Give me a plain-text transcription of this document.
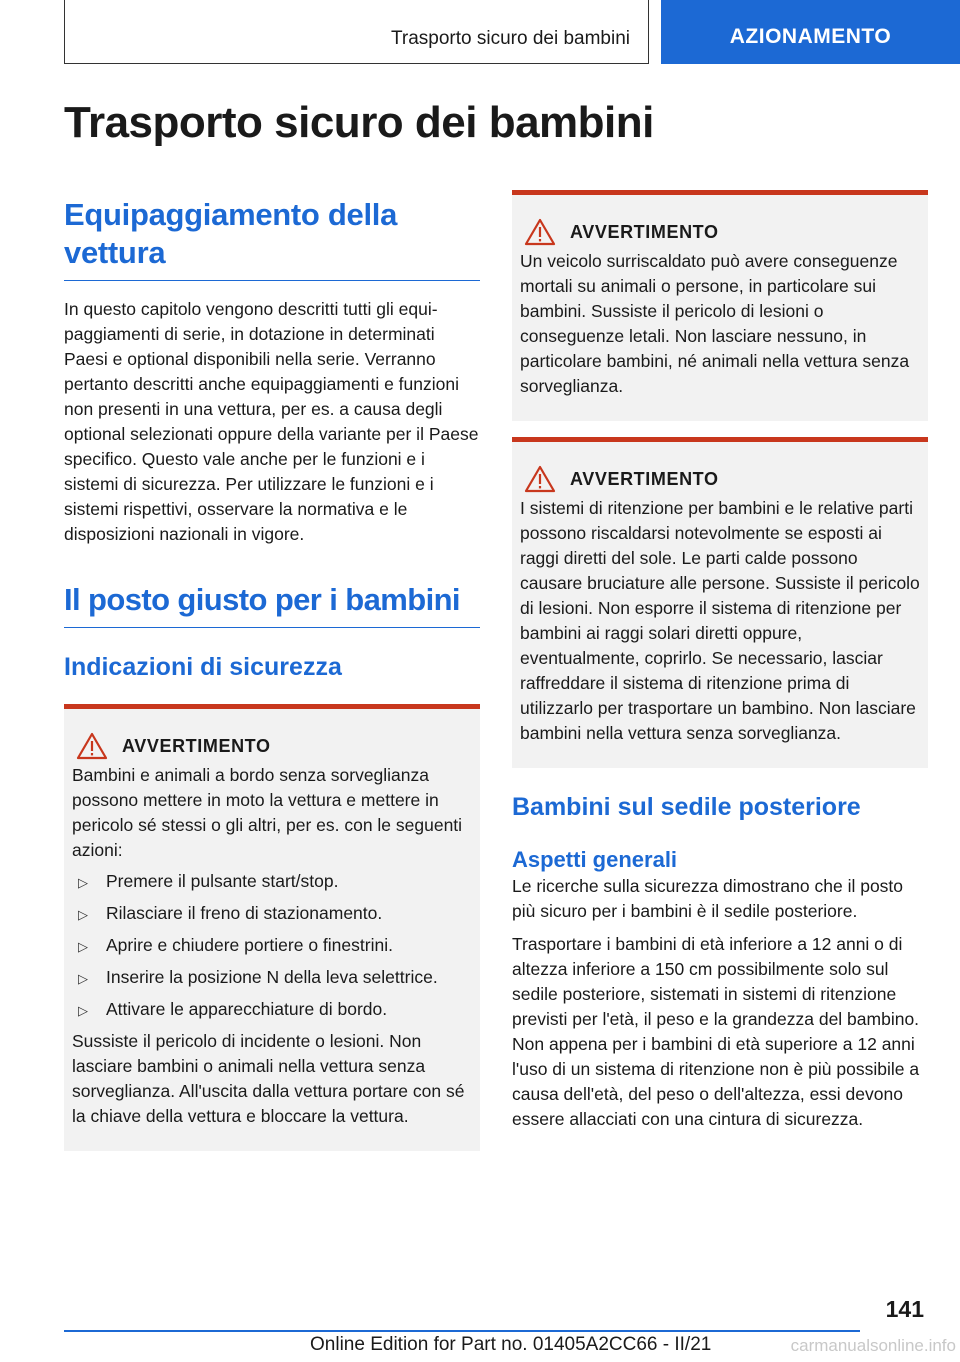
Trasporto sicuro dei bambini	AZIONAMENTO
Trasporto sicuro dei bambini
Equipaggiamento della vettura

In questo capitolo vengono descritti tutti gli equipaggiamenti di serie, in dotazione in determinati Paesi e optional disponibili nella serie. Verranno pertanto descritti anche equipaggiamenti e funzioni non presenti in una vettura, per es. a causa degli optional selezionati oppure della variante per il Paese specifico. Questo vale anche per le funzioni e i sistemi di sicurezza. Per utilizzare le funzioni e i sistemi rispettivi, osservare la normativa e le disposizioni nazionali in vigore.

Il posto giusto per i bambini
Indicazioni di sicurezza
AVVERTIMENTO

Bambini e animali a bordo senza sorveglianza possono mettere in moto la vettura e mettere in pericolo sé stessi o gli altri, per es. con le seguenti azioni:

▷	Premere il pulsante start/stop.
▷	Rilasciare il freno di stazionamento.
▷	Aprire e chiudere portiere o finestrini.
▷	Inserire la posizione N della leva selettrice.
▷	Attivare le apparecchiature di bordo.

Sussiste il pericolo di incidente o lesioni. Non lasciare bambini o animali nella vettura senza sorveglianza. All'uscita dalla vettura portare con sé la chiave della vettura e bloccare la vettura.

AVVERTIMENTO

Un veicolo surriscaldato può avere conseguenze mortali su animali o persone, in particolare sui bambini. Sussiste il pericolo di lesioni o conseguenze letali. Non lasciare nessuno, in particolare bambini, né animali nella vettura senza sorveglianza.

AVVERTIMENTO

I sistemi di ritenzione per bambini e le relative parti possono riscaldarsi notevolmente se esposti ai raggi diretti del sole. Le parti calde possono causare bruciature alle persone. Sussiste il pericolo di lesioni. Non esporre il sistema di ritenzione per bambini ai raggi solari diretti oppure, eventualmente, coprirlo. Se necessario, lasciar raffreddare il sistema di ritenzione prima di utilizzarlo per trasportare un bambino. Non lasciare bambini nella vettura senza sorveglianza.

Bambini sul sedile posteriore
Aspetti generali

Le ricerche sulla sicurezza dimostrano che il posto più sicuro per i bambini è il sedile posteriore.

Trasportare i bambini di età inferiore a 12 anni o di altezza inferiore a 150 cm possibilmente solo sul sedile posteriore, sistemati in sistemi di ritenzione previsti per l'età, il peso e la grandezza del bambino. Non appena per i bambini di età superiore a 12 anni l'uso di un sistema di ritenzione non è più possibile a causa dell'età, del peso o dell'altezza, essi devono essere allacciati con una cintura di sicurezza.

141
Online Edition for Part no. 01405A2CC66 - II/21	carmanualsonline.info
